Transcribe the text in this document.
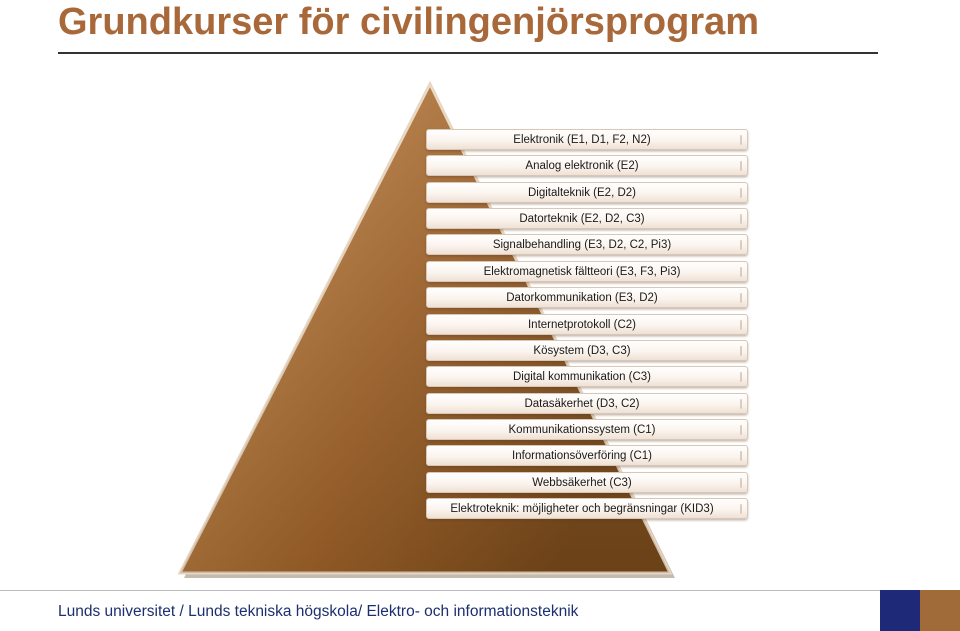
Grundkurser för civilingenjörsprogram
Elektronik (E1, D1, F2, N2)
Analog elektronik (E2)
Digitalteknik (E2, D2)
Datorteknik (E2, D2, C3)
Signalbehandling (E3, D2, C2, Pi3)
Elektromagnetisk fältteori (E3, F3, Pi3)
Datorkommunikation (E3, D2)
Internetprotokoll (C2)
Kösystem (D3, C3)
Digital kommunikation (C3)
Datasäkerhet (D3, C2)
Kommunikationssystem (C1)
Informationsöverföring (C1)
Webbsäkerhet (C3)
Elektroteknik: möjligheter och begränsningar (KID3)
Lunds universitet / Lunds tekniska högskola/ Elektro- och informationsteknik
